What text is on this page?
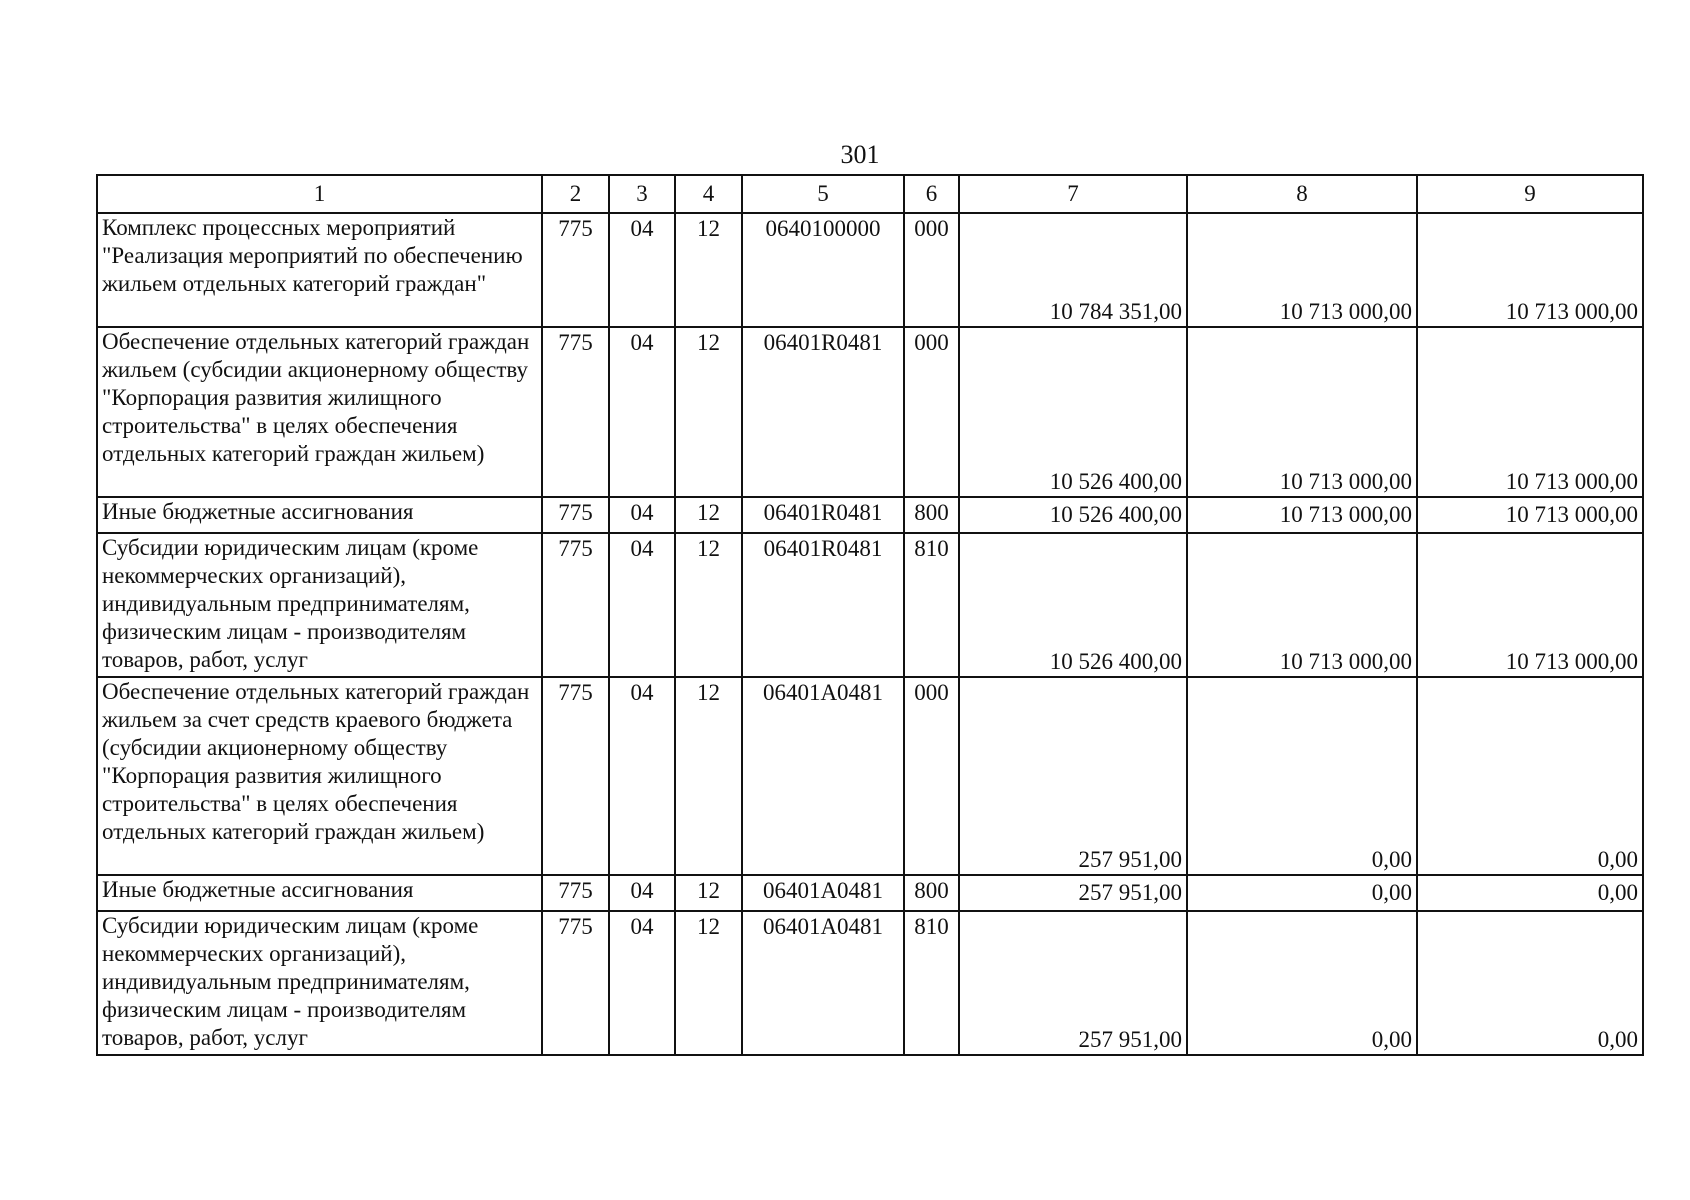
301
1	2	3	4	5	6	7	8	9
Комплекс процессных мероприятий "Реализация мероприятий по обеспечению жильем отдельных категорий граждан"	775	04	12	0640100000	000	10 784 351,00	10 713 000,00	10 713 000,00
Обеспечение отдельных категорий граждан жильем (субсидии акционерному обществу "Корпорация развития жилищного строительства" в целях обеспечения отдельных категорий граждан жильем)	775	04	12	06401R0481	000	10 526 400,00	10 713 000,00	10 713 000,00
Иные бюджетные ассигнования	775	04	12	06401R0481	800	10 526 400,00	10 713 000,00	10 713 000,00
Субсидии юридическим лицам (кроме некоммерческих организаций), индивидуальным предпринимателям, физическим лицам - производителям товаров, работ, услуг	775	04	12	06401R0481	810	10 526 400,00	10 713 000,00	10 713 000,00
Обеспечение отдельных категорий граждан жильем за счет средств краевого бюджета (субсидии акционерному обществу "Корпорация развития жилищного строительства" в целях обеспечения отдельных категорий граждан жильем)	775	04	12	06401A0481	000	257 951,00	0,00	0,00
Иные бюджетные ассигнования	775	04	12	06401A0481	800	257 951,00	0,00	0,00
Субсидии юридическим лицам (кроме некоммерческих организаций), индивидуальным предпринимателям, физическим лицам - производителям товаров, работ, услуг	775	04	12	06401A0481	810	257 951,00	0,00	0,00
